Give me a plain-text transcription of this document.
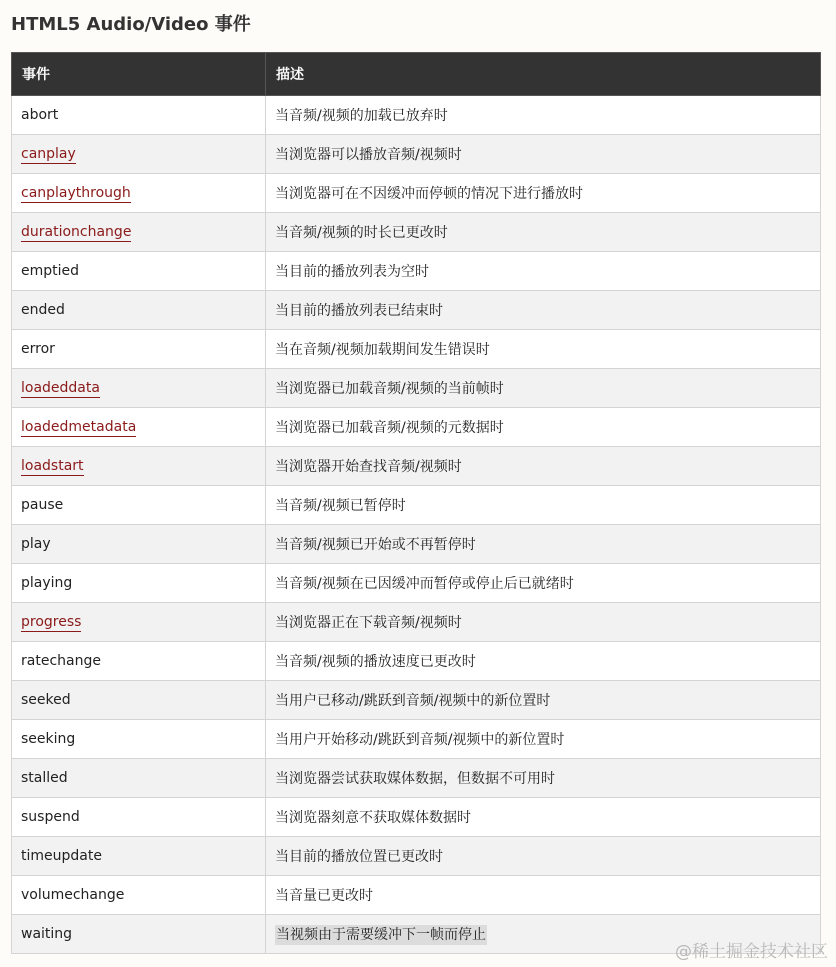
HTML5 Audio/Video 事件
事件	描述
abort	当音频/视频的加载已放弃时
canplay	当浏览器可以播放音频/视频时
canplaythrough	当浏览器可在不因缓冲而停顿的情况下进行播放时
durationchange	当音频/视频的时长已更改时
emptied	当目前的播放列表为空时
ended	当目前的播放列表已结束时
error	当在音频/视频加载期间发生错误时
loadeddata	当浏览器已加载音频/视频的当前帧时
loadedmetadata	当浏览器已加载音频/视频的元数据时
loadstart	当浏览器开始查找音频/视频时
pause	当音频/视频已暂停时
play	当音频/视频已开始或不再暂停时
playing	当音频/视频在已因缓冲而暂停或停止后已就绪时
progress	当浏览器正在下载音频/视频时
ratechange	当音频/视频的播放速度已更改时
seeked	当用户已移动/跳跃到音频/视频中的新位置时
seeking	当用户开始移动/跳跃到音频/视频中的新位置时
stalled	当浏览器尝试获取媒体数据，但数据不可用时
suspend	当浏览器刻意不获取媒体数据时
timeupdate	当目前的播放位置已更改时
volumechange	当音量已更改时
waiting	当视频由于需要缓冲下一帧而停止
@稀土掘金技术社区
